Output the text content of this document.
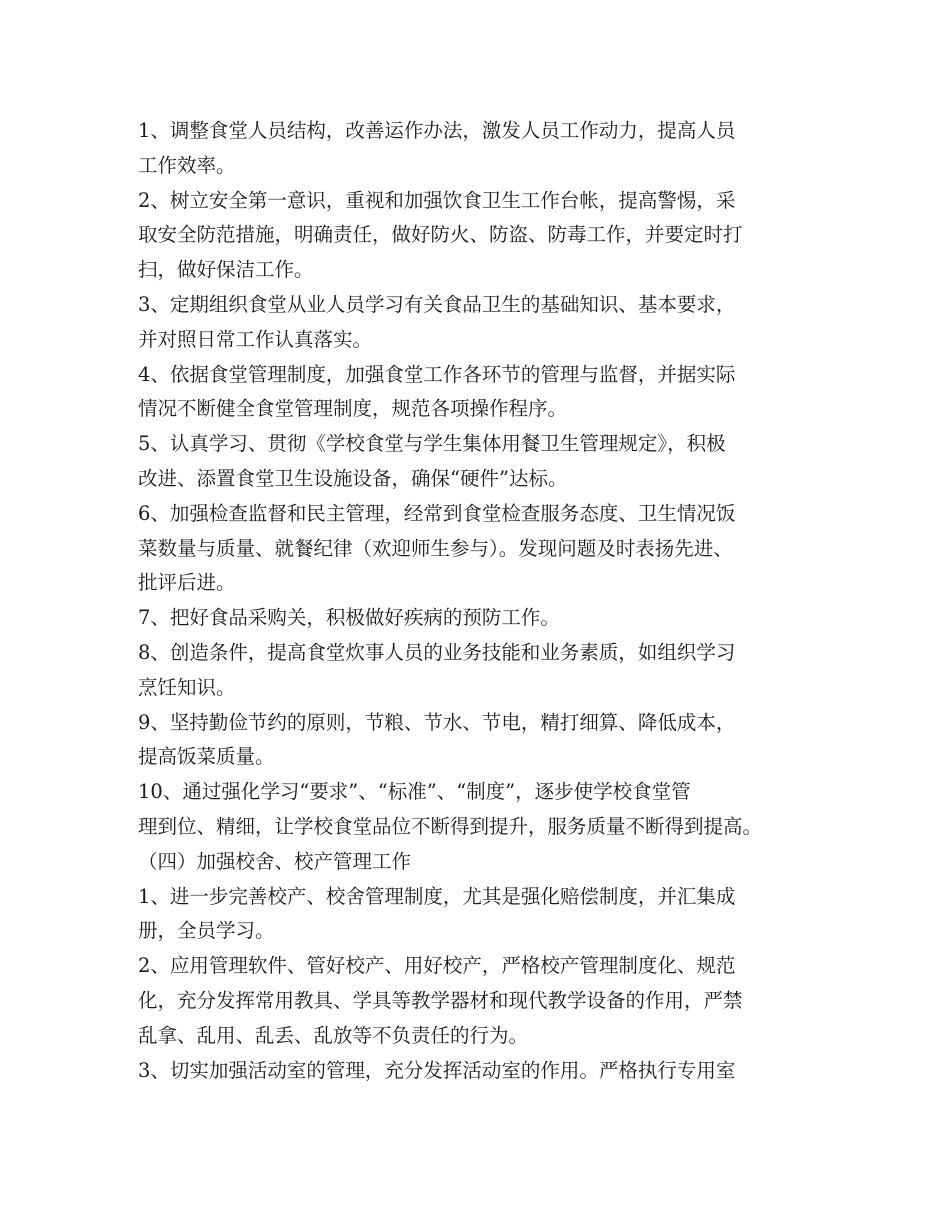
1、调整食堂人员结构，改善运作办法，激发人员工作动力，提高人员
工作效率。
2、树立安全第一意识，重视和加强饮食卫生工作台帐，提高警惕，采
取安全防范措施，明确责任，做好防火、防盗、防毒工作，并要定时打
扫，做好保洁工作。
3、定期组织食堂从业人员学习有关食品卫生的基础知识、基本要求，
并对照日常工作认真落实。
4、依据食堂管理制度，加强食堂工作各环节的管理与监督，并据实际
情况不断健全食堂管理制度，规范各项操作程序。
5、认真学习、贯彻《学校食堂与学生集体用餐卫生管理规定》，积极
改进、添置食堂卫生设施设备，确保“硬件”达标。
6、加强检查监督和民主管理，经常到食堂检查服务态度、卫生情况饭
菜数量与质量、就餐纪律（欢迎师生参与）。发现问题及时表扬先进、
批评后进。
7、把好食品采购关，积极做好疾病的预防工作。
8、创造条件，提高食堂炊事人员的业务技能和业务素质，如组织学习
烹饪知识。
9、坚持勤俭节约的原则，节粮、节水、节电，精打细算、降低成本，
提高饭菜质量。
10、通过强化学习“要求”、“标准”、“制度”，逐步使学校食堂管
理到位、精细，让学校食堂品位不断得到提升，服务质量不断得到提高。
（四）加强校舍、校产管理工作
1、进一步完善校产、校舍管理制度，尤其是强化赔偿制度，并汇集成
册，全员学习。
2、应用管理软件、管好校产、用好校产，严格校产管理制度化、规范
化，充分发挥常用教具、学具等教学器材和现代教学设备的作用，严禁
乱拿、乱用、乱丢、乱放等不负责任的行为。
3、切实加强活动室的管理，充分发挥活动室的作用。严格执行专用室
